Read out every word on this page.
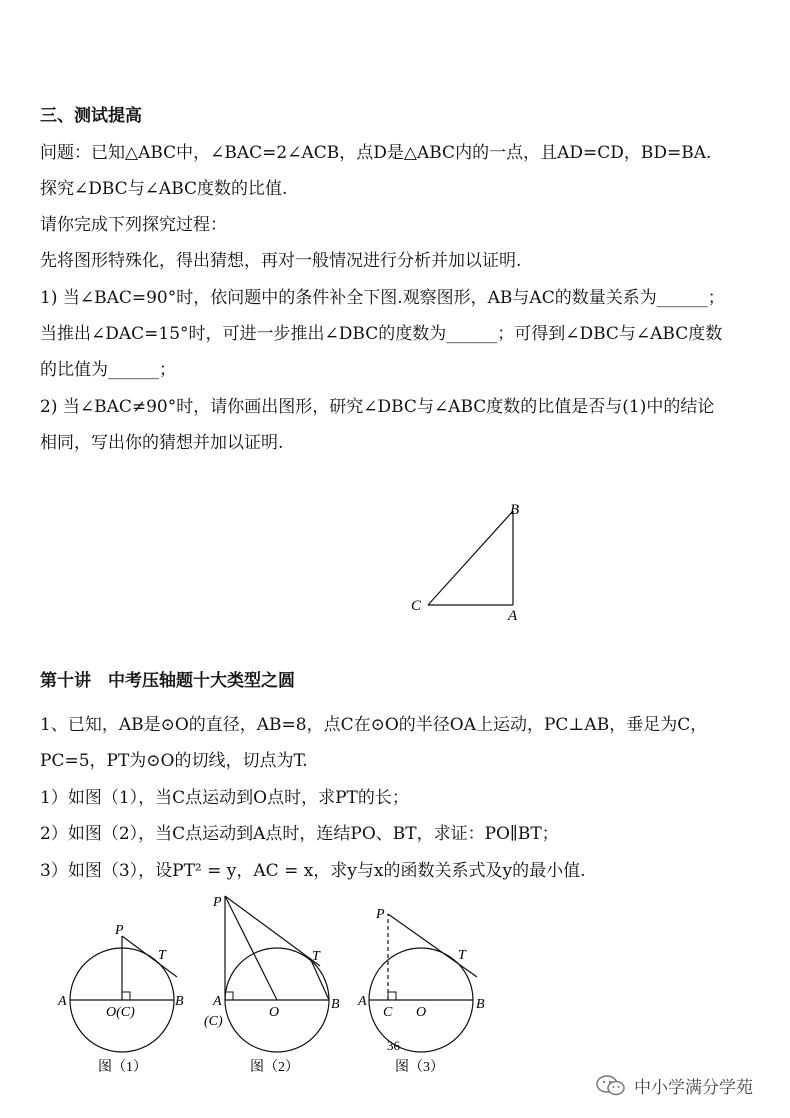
三、测试提高
问题：已知△ABC中，∠BAC=2∠ACB，点D是△ABC内的一点，且AD=CD，BD=BA.
探究∠DBC与∠ABC度数的比值.
请你完成下列探究过程：
先将图形特殊化，得出猜想，再对一般情况进行分析并加以证明.
1) 当∠BAC=90°时，依问题中的条件补全下图.观察图形，AB与AC的数量关系为______；
当推出∠DAC=15°时，可进一步推出∠DBC的度数为______；可得到∠DBC与∠ABC度数
的比值为______；
2) 当∠BAC≠90°时，请你画出图形，研究∠DBC与∠ABC度数的比值是否与(1)中的结论
相同，写出你的猜想并加以证明.
B
C
A
第十讲　中考压轴题十大类型之圆
1、已知，AB是⊙O的直径，AB=8，点C在⊙O的半径OA上运动，PC⊥AB，垂足为C，
PC=5，PT为⊙O的切线，切点为T.
1）如图（1），当C点运动到O点时，求PT的长；
2）如图（2），当C点运动到A点时，连结PO、BT，求证：PO∥BT；
3）如图（3），设PT² = y，AC = x，求y与x的函数关系式及y的最小值.
P
T
A	B
O(C)
图（1）
P
T
A	B
O
(C)
图（2）
P
T
A	B
C O
图（3）
36
中小学满分学苑
